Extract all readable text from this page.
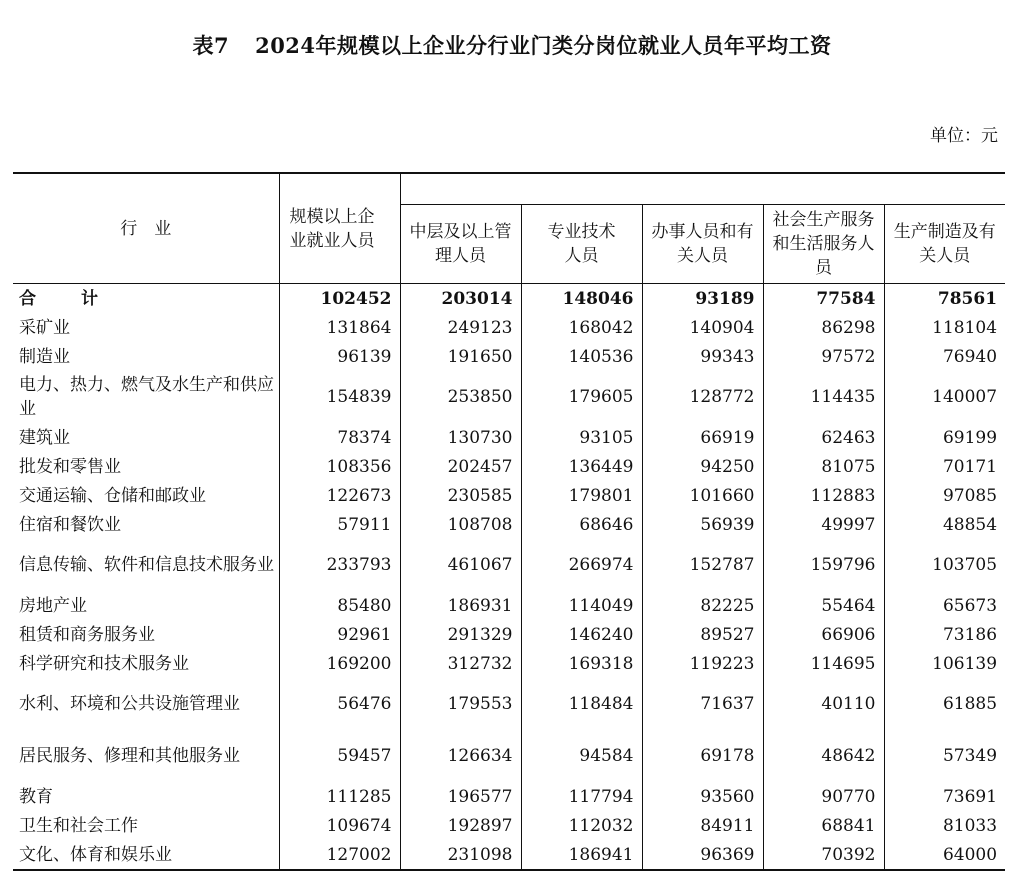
表7 2024年规模以上企业分行业门类分岗位就业人员年平均工资
单位：元
行　业	规模以上企业就业人员					
		中层及以上管理人员	专业技术人员	办事人员和有关人员	社会生产服务和生活服务人员	生产制造及有关人员
合　计	102452	203014	148046	93189	77584	78561
采矿业	131864	249123	168042	140904	86298	118104
制造业	96139	191650	140536	99343	97572	76940
电力、热力、燃气及水生产和供应业	154839	253850	179605	128772	114435	140007
建筑业	78374	130730	93105	66919	62463	69199
批发和零售业	108356	202457	136449	94250	81075	70171
交通运输、仓储和邮政业	122673	230585	179801	101660	112883	97085
住宿和餐饮业	57911	108708	68646	56939	49997	48854
信息传输、软件和信息技术服务业	233793	461067	266974	152787	159796	103705
房地产业	85480	186931	114049	82225	55464	65673
租赁和商务服务业	92961	291329	146240	89527	66906	73186
科学研究和技术服务业	169200	312732	169318	119223	114695	106139
水利、环境和公共设施管理业	56476	179553	118484	71637	40110	61885
居民服务、修理和其他服务业	59457	126634	94584	69178	48642	57349
教育	111285	196577	117794	93560	90770	73691
卫生和社会工作	109674	192897	112032	84911	68841	81033
文化、体育和娱乐业	127002	231098	186941	96369	70392	64000
